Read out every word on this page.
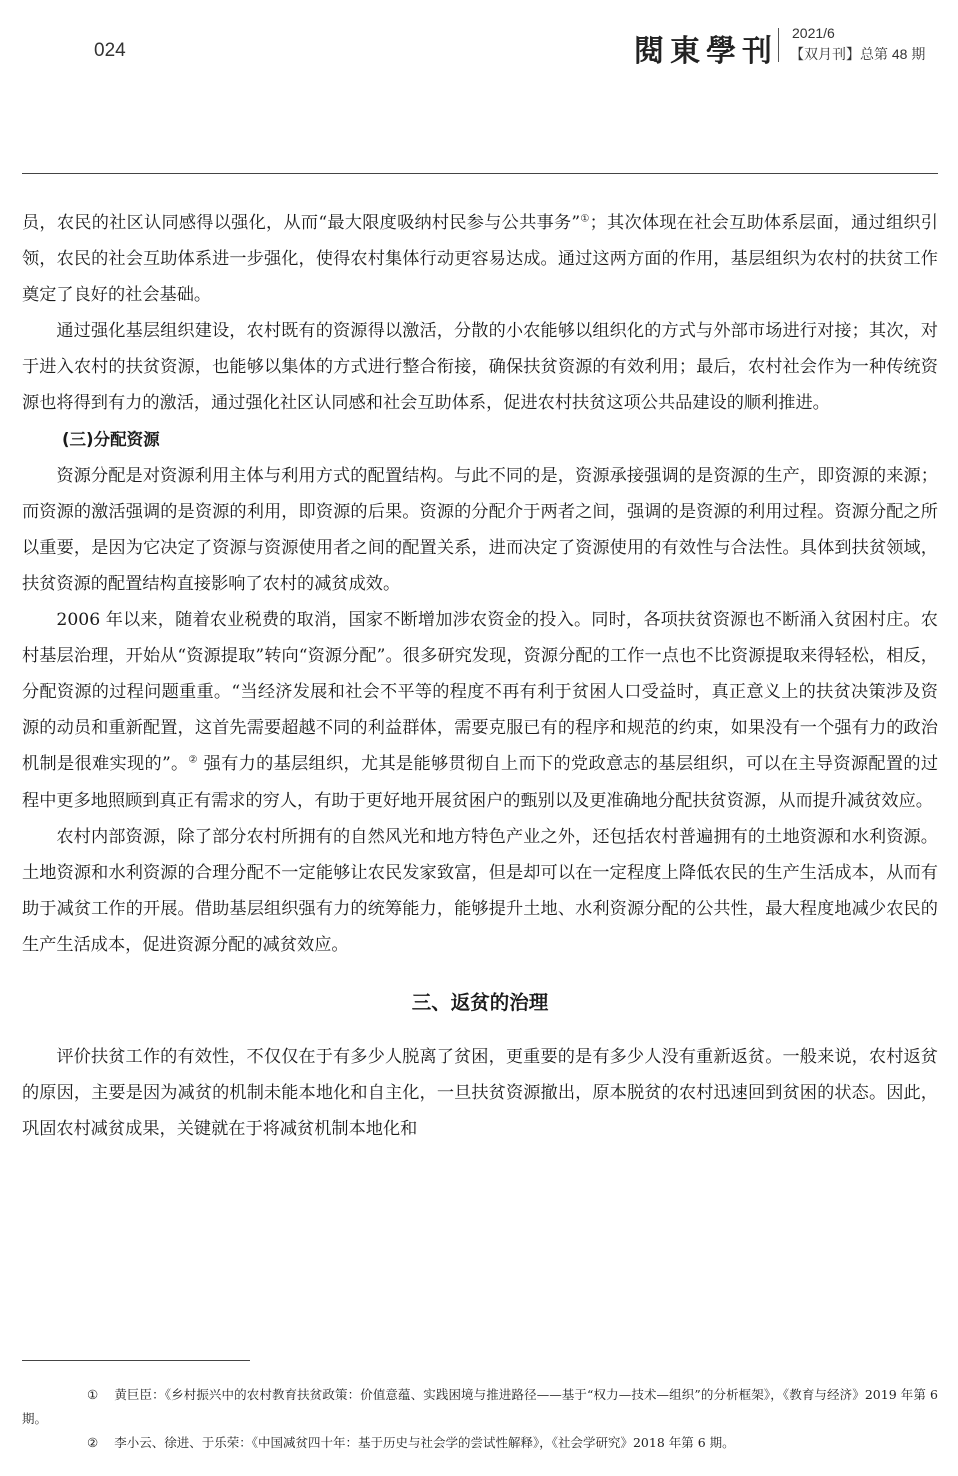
024	閱東學刊
2021/6
【双月刊】总第 48 期

员，农民的社区认同感得以强化，从而“最大限度吸纳村民参与公共事务”①；其次体现在社会互助体系层面，通过组织引领，农民的社会互助体系进一步强化，使得农村集体行动更容易达成。通过这两方面的作用，基层组织为农村的扶贫工作奠定了良好的社会基础。

通过强化基层组织建设，农村既有的资源得以激活，分散的小农能够以组织化的方式与外部市场进行对接；其次，对于进入农村的扶贫资源，也能够以集体的方式进行整合衔接，确保扶贫资源的有效利用；最后，农村社会作为一种传统资源也将得到有力的激活，通过强化社区认同感和社会互助体系，促进农村扶贫这项公共品建设的顺利推进。

(三)分配资源

资源分配是对资源利用主体与利用方式的配置结构。与此不同的是，资源承接强调的是资源的生产，即资源的来源；而资源的激活强调的是资源的利用，即资源的后果。资源的分配介于两者之间，强调的是资源的利用过程。资源分配之所以重要，是因为它决定了资源与资源使用者之间的配置关系，进而决定了资源使用的有效性与合法性。具体到扶贫领域，扶贫资源的配置结构直接影响了农村的减贫成效。

2006 年以来，随着农业税费的取消，国家不断增加涉农资金的投入。同时，各项扶贫资源也不断涌入贫困村庄。农村基层治理，开始从“资源提取”转向“资源分配”。很多研究发现，资源分配的工作一点也不比资源提取来得轻松，相反，分配资源的过程问题重重。“当经济发展和社会不平等的程度不再有利于贫困人口受益时，真正意义上的扶贫决策涉及资源的动员和重新配置，这首先需要超越不同的利益群体，需要克服已有的程序和规范的约束，如果没有一个强有力的政治机制是很难实现的”。② 强有力的基层组织，尤其是能够贯彻自上而下的党政意志的基层组织，可以在主导资源配置的过程中更多地照顾到真正有需求的穷人，有助于更好地开展贫困户的甄别以及更准确地分配扶贫资源，从而提升减贫效应。

农村内部资源，除了部分农村所拥有的自然风光和地方特色产业之外，还包括农村普遍拥有的土地资源和水利资源。土地资源和水利资源的合理分配不一定能够让农民发家致富，但是却可以在一定程度上降低农民的生产生活成本，从而有助于减贫工作的开展。借助基层组织强有力的统筹能力，能够提升土地、水利资源分配的公共性，最大程度地减少农民的生产生活成本，促进资源分配的减贫效应。

三、返贫的治理

评价扶贫工作的有效性，不仅仅在于有多少人脱离了贫困，更重要的是有多少人没有重新返贫。一般来说，农村返贫的原因，主要是因为减贫的机制未能本地化和自主化，一旦扶贫资源撤出，原本脱贫的农村迅速回到贫困的状态。因此，巩固农村减贫成果，关键就在于将减贫机制本地化和

① 黄巨臣：《乡村振兴中的农村教育扶贫政策：价值意蕴、实践困境与推进路径——基于“权力—技术—组织”的分析框架》，《教育与经济》2019 年第 6 期。

② 李小云、徐进、于乐荣：《中国减贫四十年：基于历史与社会学的尝试性解释》，《社会学研究》2018 年第 6 期。
